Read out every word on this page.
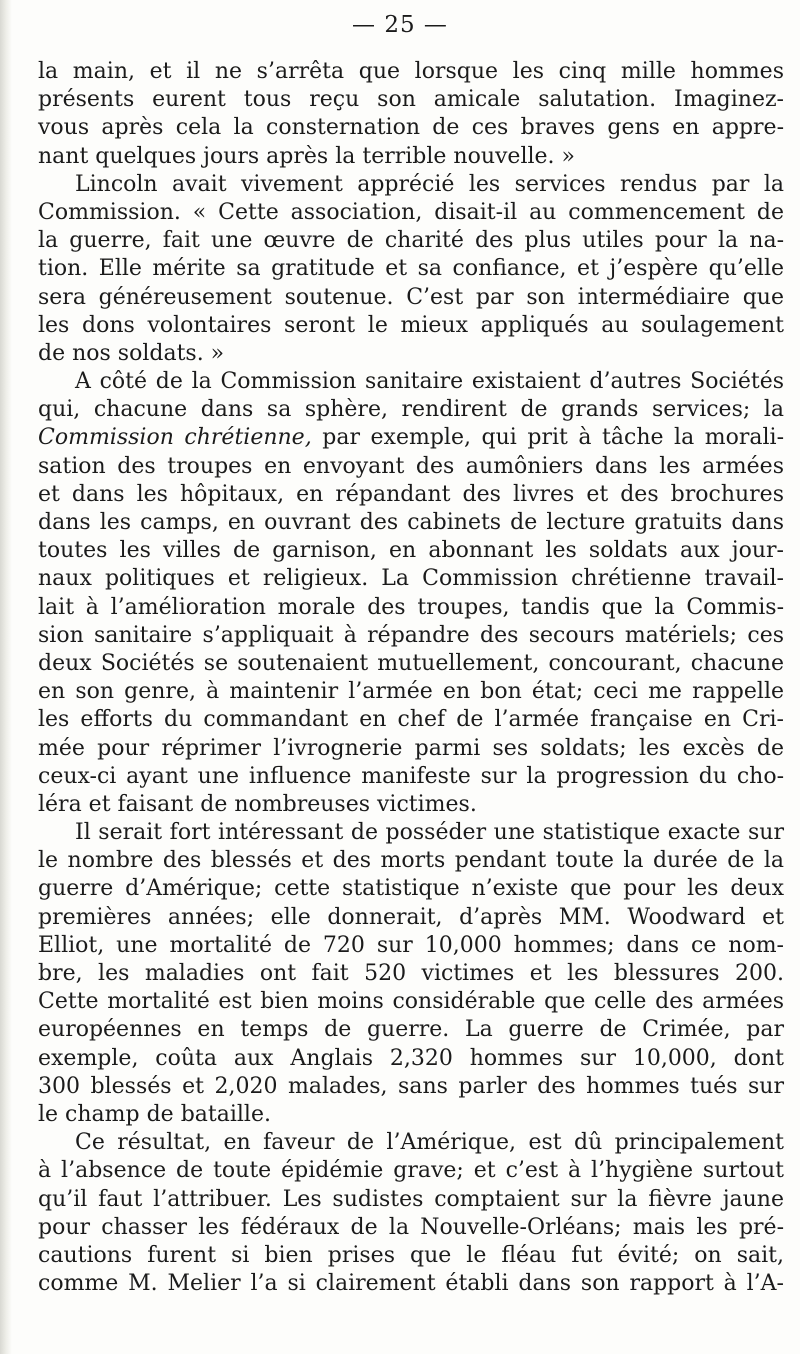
— 25 —
la main, et il ne s’arrêta que lorsque les cinq mille hommes
présents eurent tous reçu son amicale salutation. Imaginez-
vous après cela la consternation de ces braves gens en appre-
nant quelques jours après la terrible nouvelle. »
Lincoln avait vivement apprécié les services rendus par la
Commission. « Cette association, disait-il au commencement de
la guerre, fait une œuvre de charité des plus utiles pour la na-
tion. Elle mérite sa gratitude et sa confiance, et j’espère qu’elle
sera généreusement soutenue. C’est par son intermédiaire que
les dons volontaires seront le mieux appliqués au soulagement
de nos soldats. »
A côté de la Commission sanitaire existaient d’autres Sociétés
qui, chacune dans sa sphère, rendirent de grands services; la
Commission chrétienne, par exemple, qui prit à tâche la morali-
sation des troupes en envoyant des aumôniers dans les armées
et dans les hôpitaux, en répandant des livres et des brochures
dans les camps, en ouvrant des cabinets de lecture gratuits dans
toutes les villes de garnison, en abonnant les soldats aux jour-
naux politiques et religieux. La Commission chrétienne travail-
lait à l’amélioration morale des troupes, tandis que la Commis-
sion sanitaire s’appliquait à répandre des secours matériels; ces
deux Sociétés se soutenaient mutuellement, concourant, chacune
en son genre, à maintenir l’armée en bon état; ceci me rappelle
les efforts du commandant en chef de l’armée française en Cri-
mée pour réprimer l’ivrognerie parmi ses soldats; les excès de
ceux-ci ayant une influence manifeste sur la progression du cho-
léra et faisant de nombreuses victimes.
Il serait fort intéressant de posséder une statistique exacte sur
le nombre des blessés et des morts pendant toute la durée de la
guerre d’Amérique; cette statistique n’existe que pour les deux
premières années; elle donnerait, d’après MM. Woodward et
Elliot, une mortalité de 720 sur 10,000 hommes; dans ce nom-
bre, les maladies ont fait 520 victimes et les blessures 200.
Cette mortalité est bien moins considérable que celle des armées
européennes en temps de guerre. La guerre de Crimée, par
exemple, coûta aux Anglais 2,320 hommes sur 10,000, dont
300 blessés et 2,020 malades, sans parler des hommes tués sur
le champ de bataille.
Ce résultat, en faveur de l’Amérique, est dû principalement
à l’absence de toute épidémie grave; et c’est à l’hygiène surtout
qu’il faut l’attribuer. Les sudistes comptaient sur la fièvre jaune
pour chasser les fédéraux de la Nouvelle-Orléans; mais les pré-
cautions furent si bien prises que le fléau fut évité; on sait,
comme M. Melier l’a si clairement établi dans son rapport à l’A-
